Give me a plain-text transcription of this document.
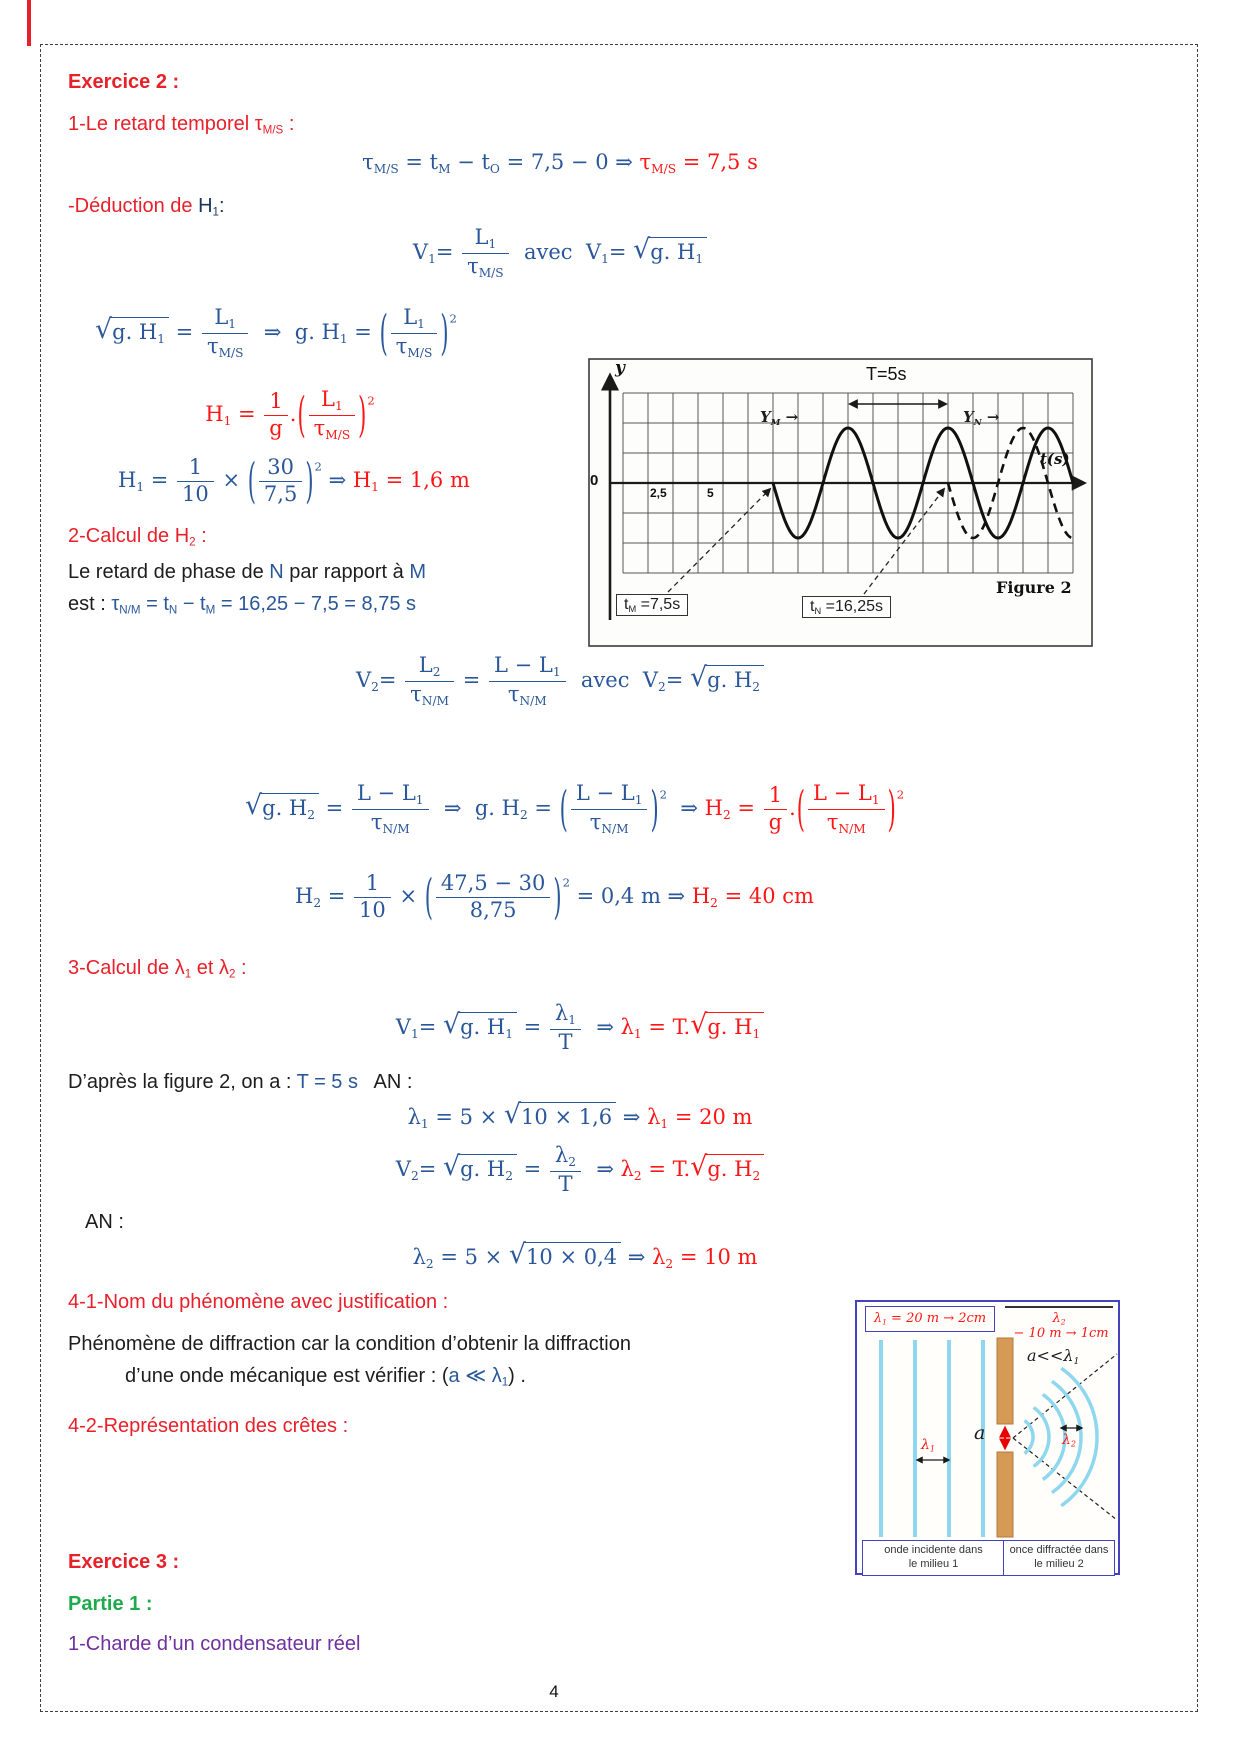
Exercice 2 :
1-Le retard temporel τM/S :
τM/S = tM − tO = 7,5 − 0 ⇒ τM/S = 7,5 s
-Déduction de H1:
$V1= \frac{L1}{\tau M/S}$ avec  V1= √g. H1
√g. $H1 = \frac{L1}{\tau M/S}$ ⇒  g. H1 = ( $\frac{L1}{\tau M/S} )^2$
$H1 = \frac{1}{g}$ .( $\frac{L1}{\tau M/S} )^2$
$H1 = \frac{1}{10}$ × ( $\frac{30}{7,5} )^2$ ⇒ H1 = 1,6 m
2-Calcul de H2 :
Le retard de phase de N par rapport à M
est : τN/M = tN − tM = 16,25 − 7,5 = 8,75 s
y
0
2,5	5
T=5s
YM →	YN →
t(s)
Figure 2
tM =7,5s	tN =16,25s
$V2= \frac{L2}{\tau N/M} = \frac{L - L1}{\tau N/M}$ avec  V2= √g. H2
√g. $H2 = \frac{L - L1}{\tau N/M}$ ⇒  g. H2 = ( $\frac{L - L1}{\tau N/M} )^2$  ⇒ $H2 = \frac{1}{g}$ .( $\frac{L - L1}{\tau N/M} )^2$
$H2 = \frac{1}{10}$ × ( $\frac{47,5 - 30}{8,75} )^2 = 0,4$ m ⇒ H2 = 40 cm
3-Calcul de λ1 et λ2 :
V1= √g. $H1 = \frac{\lambda 1}{T}$ ⇒ λ1 = T.√g. H1
D’après la figure 2, on a : T = 5 s   AN :
λ1 = 5 × √10 × 1,6 ⇒ λ1 = 20 m
V2= √g. $H2 = \frac{\lambda 2}{T}$ ⇒ λ2 = T.√g. H2
AN :
λ2 = 5 × √10 × 0,4 ⇒ λ2 = 10 m
4-1-Nom du phénomène avec justification :
Phénomène de diffraction car la condition d’obtenir la diffraction
d’une onde mécanique est vérifier : (a ≪ λ1) .
4-2-Représentation des crêtes :
λ1 = 20 m → 2cm	λ2 − 10 m → 1cm
a<<λ1
a
λ1
λ2
onde incidente dans
le milieu 1
once diffractée dans
le milieu 2
Exercice 3 :
Partie 1 :
1-Charde d’un condensateur réel
4
